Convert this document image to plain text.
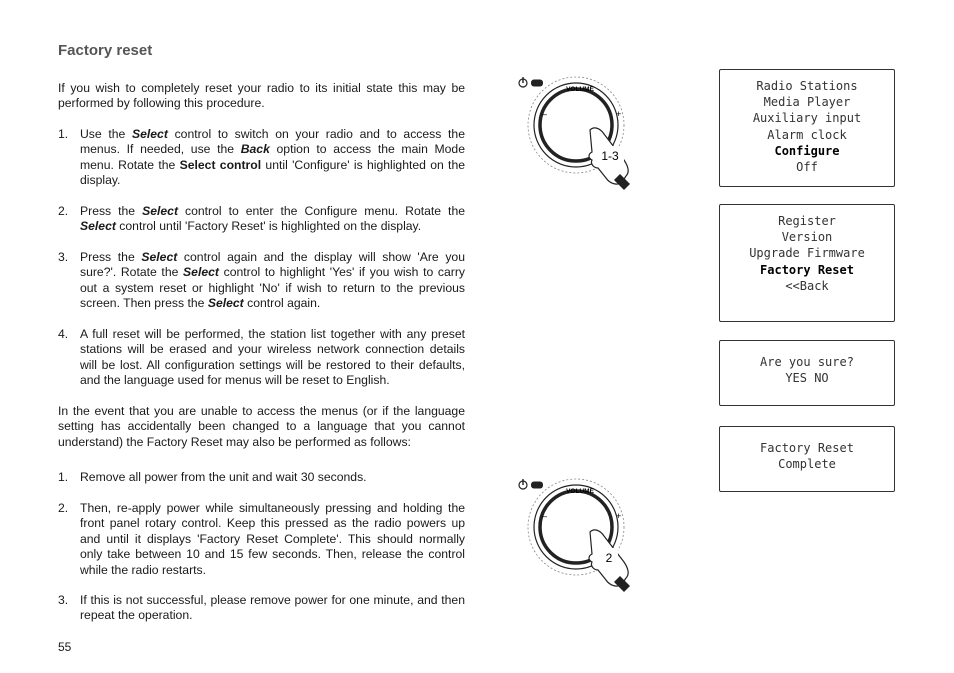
Factory reset
If you wish to completely reset your radio to its initial state this may be performed by following this procedure.
1. Use the Select control to switch on your radio and to access the menus. If needed, use the Back option to access the main Mode menu. Rotate the Select control until 'Configure' is highlighted on the display.
2. Press the Select control to enter the Configure menu. Rotate the Select control until 'Factory Reset' is highlighted on the display.
3. Press the Select control again and the display will show 'Are you sure?'. Rotate the Select control to highlight 'Yes' if you wish to carry out a system reset or highlight 'No' if wish to return to the previous screen. Then press the Select control again.
4. A full reset will be performed, the station list together with any preset stations will be erased and your wireless network connection details will be lost. All configuration settings will be restored to their defaults, and the language used for menus will be reset to English.
In the event that you are unable to access the menus (or if the language setting has accidentally been changed to a language that you cannot understand) the Factory Reset may also be performed as follows:
1. Remove all power from the unit and wait 30 seconds.
2. Then, re-apply power while simultaneously pressing and holding the front panel rotary control. Keep this pressed as the radio powers up and until it displays 'Factory Reset Complete'. This should normally only take between 10 and 15 few seconds. Then, release the control while the radio restarts.
3. If this is not successful, please remove power for one minute, and then repeat the operation.
55
VOLUME
–	+
1-3
VOLUME
–	+
2
Radio Stations
Media Player
Auxiliary input
Alarm clock
Configure
Off
Register
Version
Upgrade Firmware
Factory Reset
<<Back
Are you sure?
YES NO
Factory Reset
Complete
